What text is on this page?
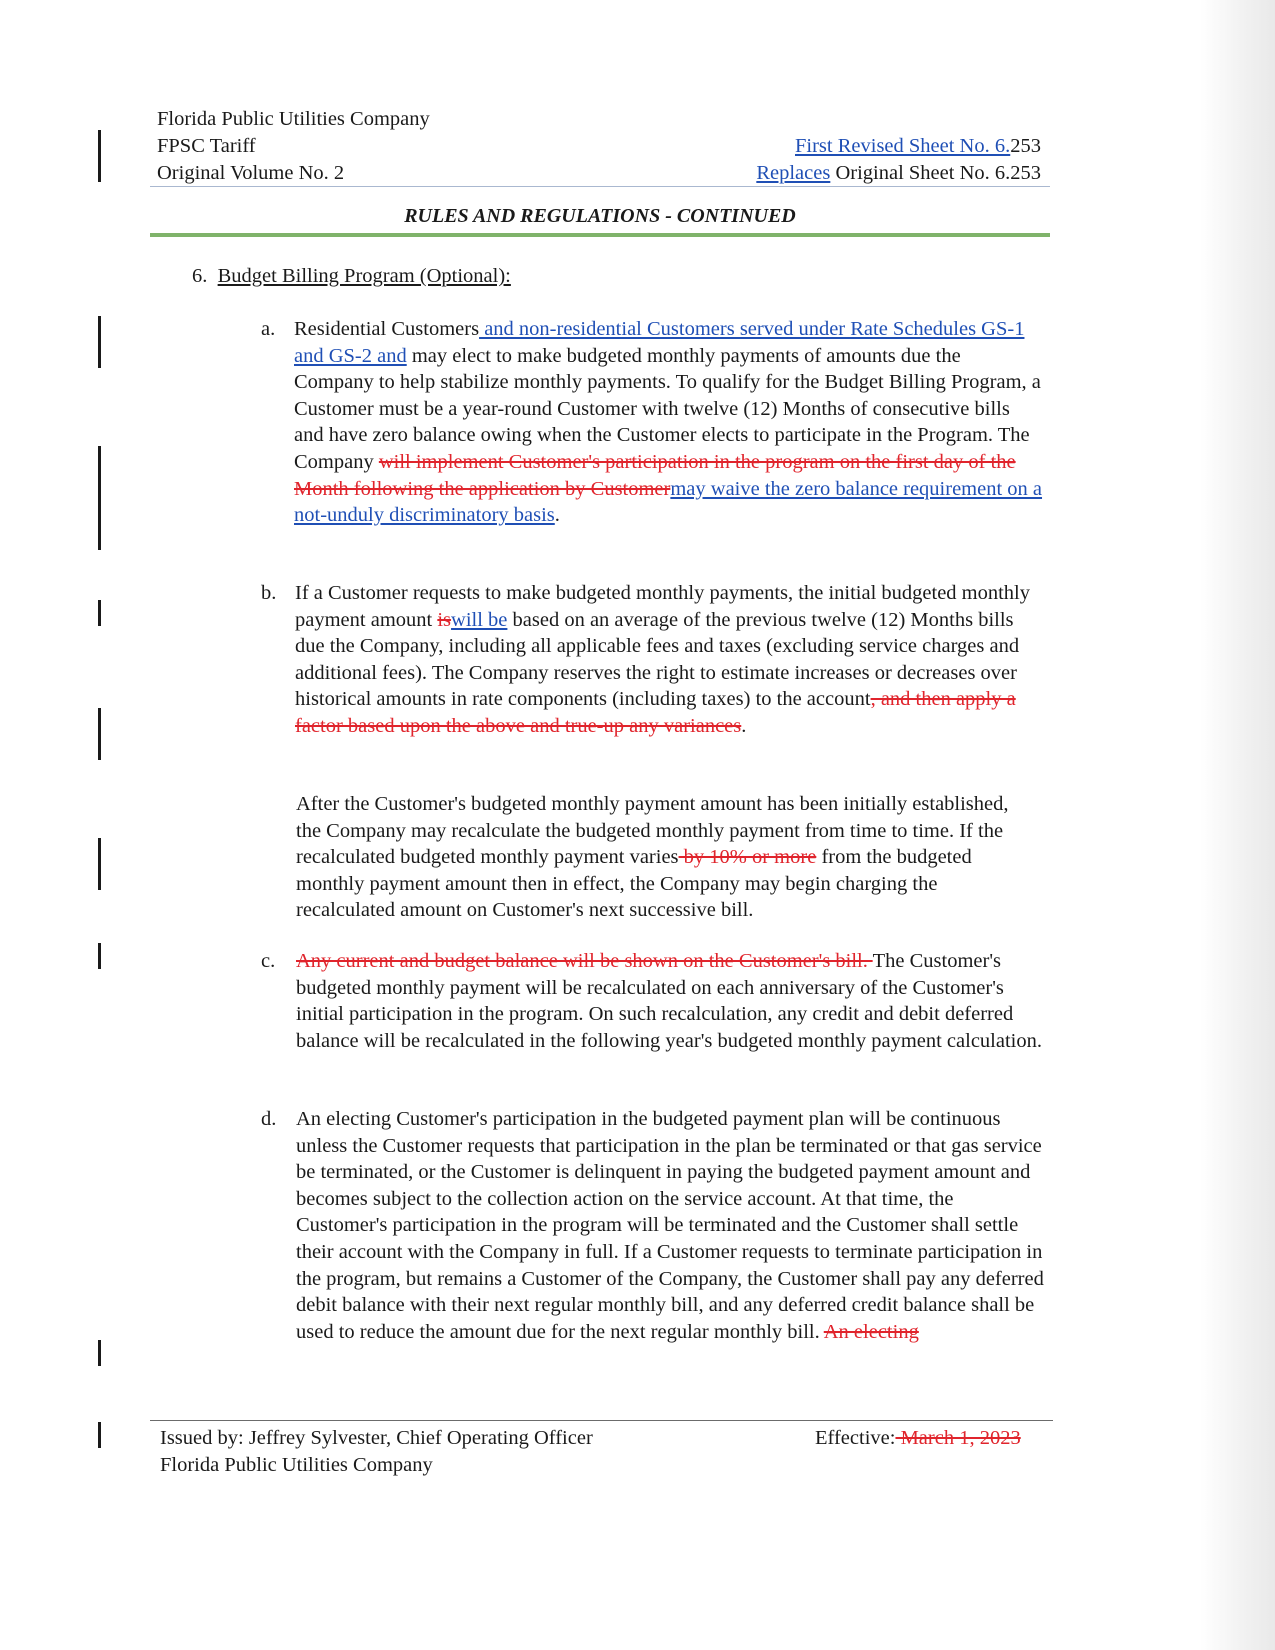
Florida Public Utilities Company
FPSC Tariff
Original Volume No. 2
First Revised Sheet No. 6.253
Replaces Original Sheet No. 6.253
RULES AND REGULATIONS - CONTINUED
6. Budget Billing Program (Optional):
a. Residential Customers and non-residential Customers served under Rate Schedules GS-1 and GS-2 and may elect to make budgeted monthly payments of amounts due the Company to help stabilize monthly payments. To qualify for the Budget Billing Program, a Customer must be a year-round Customer with twelve (12) Months of consecutive bills and have zero balance owing when the Customer elects to participate in the Program. The Company will implement Customer's participation in the program on the first day of the Month following the application by Customermay waive the zero balance requirement on a not-unduly discriminatory basis.
b. If a Customer requests to make budgeted monthly payments, the initial budgeted monthly payment amount iswill be based on an average of the previous twelve (12) Months bills due the Company, including all applicable fees and taxes (excluding service charges and additional fees). The Company reserves the right to estimate increases or decreases over historical amounts in rate components (including taxes) to the account, and then apply a factor based upon the above and true-up any variances.
After the Customer's budgeted monthly payment amount has been initially established, the Company may recalculate the budgeted monthly payment from time to time. If the recalculated budgeted monthly payment varies by 10% or more from the budgeted monthly payment amount then in effect, the Company may begin charging the recalculated amount on Customer's next successive bill.
c. Any current and budget balance will be shown on the Customer's bill. The Customer's budgeted monthly payment will be recalculated on each anniversary of the Customer's initial participation in the program. On such recalculation, any credit and debit deferred balance will be recalculated in the following year's budgeted monthly payment calculation.
d. An electing Customer's participation in the budgeted payment plan will be continuous unless the Customer requests that participation in the plan be terminated or that gas service be terminated, or the Customer is delinquent in paying the budgeted payment amount and becomes subject to the collection action on the service account. At that time, the Customer's participation in the program will be terminated and the Customer shall settle their account with the Company in full. If a Customer requests to terminate participation in the program, but remains a Customer of the Company, the Customer shall pay any deferred debit balance with their next regular monthly bill, and any deferred credit balance shall be used to reduce the amount due for the next regular monthly bill. An electing
Issued by: Jeffrey Sylvester, Chief Operating Officer
Florida Public Utilities Company
Effective: March 1, 2023
